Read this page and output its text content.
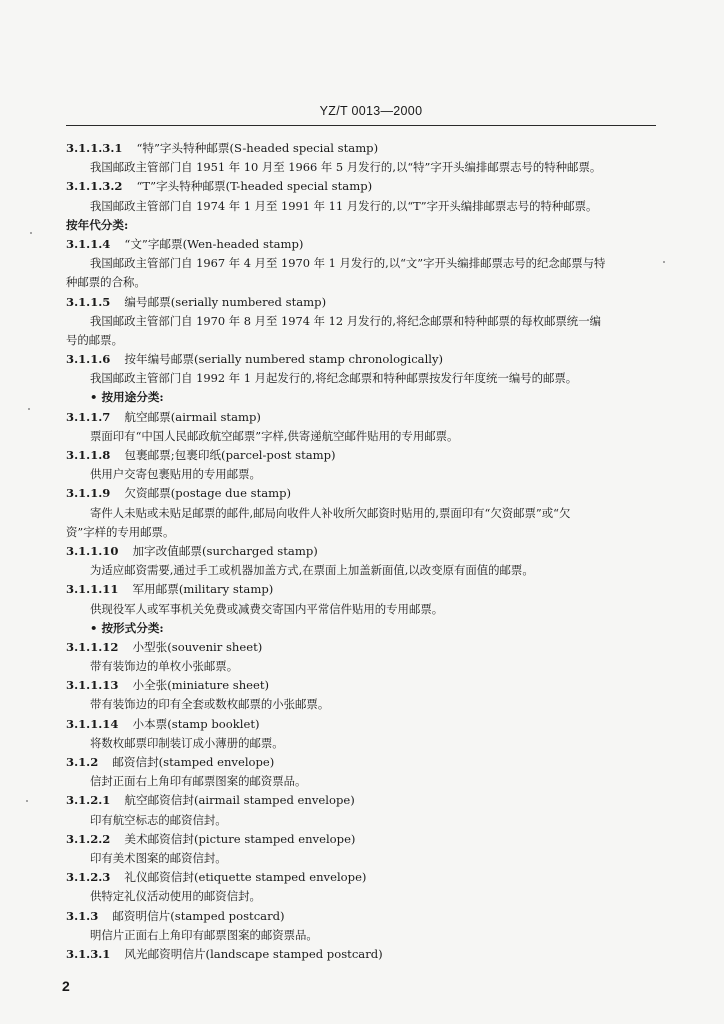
YZ/T 0013—2000
3.1.1.3.1 “特”字头特种邮票(S-headed special stamp)
我国邮政主管部门自 1951 年 10 月至 1966 年 5 月发行的,以“特”字开头编排邮票志号的特种邮票。
3.1.1.3.2 “T”字头特种邮票(T-headed special stamp)
我国邮政主管部门自 1974 年 1 月至 1991 年 11 月发行的,以“T”字开头编排邮票志号的特种邮票。
按年代分类:
3.1.1.4 “文”字邮票(Wen-headed stamp)
我国邮政主管部门自 1967 年 4 月至 1970 年 1 月发行的,以“文”字开头编排邮票志号的纪念邮票与特
种邮票的合称。
3.1.1.5 编号邮票(serially numbered stamp)
我国邮政主管部门自 1970 年 8 月至 1974 年 12 月发行的,将纪念邮票和特种邮票的每枚邮票统一编
号的邮票。
3.1.1.6 按年编号邮票(serially numbered stamp chronologically)
我国邮政主管部门自 1992 年 1 月起发行的,将纪念邮票和特种邮票按发行年度统一编号的邮票。
• 按用途分类:
3.1.1.7 航空邮票(airmail stamp)
票面印有“中国人民邮政航空邮票”字样,供寄递航空邮件贴用的专用邮票。
3.1.1.8 包裹邮票;包裹印纸(parcel-post stamp)
供用户交寄包裹贴用的专用邮票。
3.1.1.9 欠资邮票(postage due stamp)
寄件人未贴或未贴足邮票的邮件,邮局向收件人补收所欠邮资时贴用的,票面印有“欠资邮票”或“欠
资”字样的专用邮票。
3.1.1.10 加字改值邮票(surcharged stamp)
为适应邮资需要,通过手工或机器加盖方式,在票面上加盖新面值,以改变原有面值的邮票。
3.1.1.11 军用邮票(military stamp)
供现役军人或军事机关免费或减费交寄国内平常信件贴用的专用邮票。
• 按形式分类:
3.1.1.12 小型张(souvenir sheet)
带有装饰边的单枚小张邮票。
3.1.1.13 小全张(miniature sheet)
带有装饰边的印有全套或数枚邮票的小张邮票。
3.1.1.14 小本票(stamp booklet)
将数枚邮票印制装订成小薄册的邮票。
3.1.2 邮资信封(stamped envelope)
信封正面右上角印有邮票图案的邮资票品。
3.1.2.1 航空邮资信封(airmail stamped envelope)
印有航空标志的邮资信封。
3.1.2.2 美术邮资信封(picture stamped envelope)
印有美术图案的邮资信封。
3.1.2.3 礼仪邮资信封(etiquette stamped envelope)
供特定礼仪活动使用的邮资信封。
3.1.3 邮资明信片(stamped postcard)
明信片正面右上角印有邮票图案的邮资票品。
3.1.3.1 风光邮资明信片(landscape stamped postcard)
2
